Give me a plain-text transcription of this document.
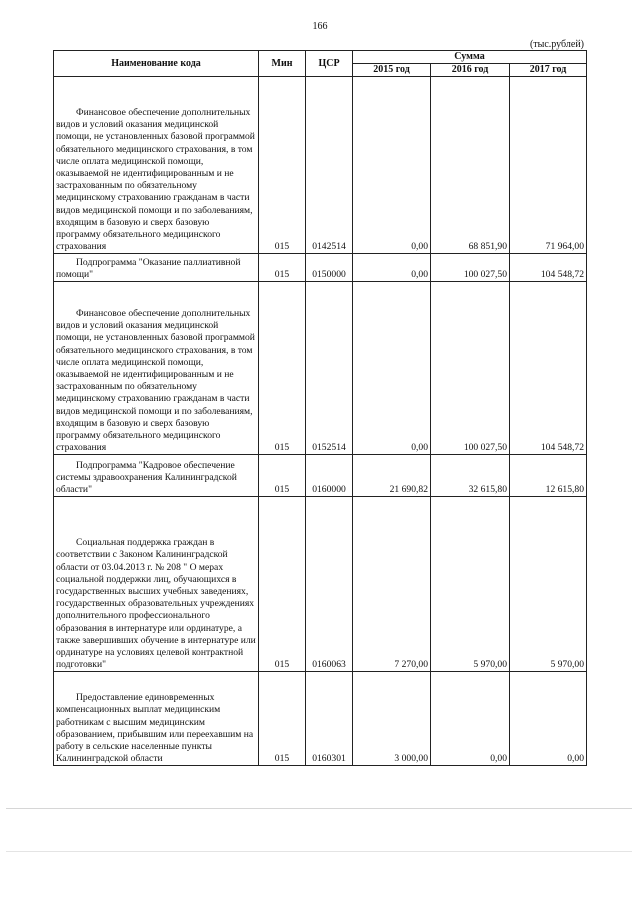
166
(тыс.рублей)
Наименование кода	Мин	ЦСР	Сумма		
			2015 год	2016 год	2017 год
Финансовое обеспечение дополнительных видов и условий оказания медицинской помощи, не установленных базовой программой обязательного медицинского страхования, в том числе оплата медицинской помощи, оказываемой не идентифицированным и не застрахованным по обязательному медицинскому страхованию гражданам в части видов медицинской помощи и по заболеваниям, входящим в базовую и сверх базовую программу обязательного медицинского страхования	015	0142514	0,00	68 851,90	71 964,00
Подпрограмма "Оказание паллиативной помощи"	015	0150000	0,00	100 027,50	104 548,72
Финансовое обеспечение дополнительных видов и условий оказания медицинской помощи, не установленных базовой программой обязательного медицинского страхования, в том числе оплата медицинской помощи, оказываемой не идентифицированным и не застрахованным по обязательному медицинскому страхованию гражданам в части видов медицинской помощи и по заболеваниям, входящим в базовую и сверх базовую программу обязательного медицинского страхования	015	0152514	0,00	100 027,50	104 548,72
Подпрограмма "Кадровое обеспечение системы здравоохранения Калининградской области"	015	0160000	21 690,82	32 615,80	12 615,80
Социальная поддержка граждан в соответствии с Законом Калининградской области от 03.04.2013 г. № 208 " О мерах социальной поддержки лиц, обучающихся в государственных высших учебных заведениях, государственных образовательных учреждениях дополнительного профессионального образования в интернатуре или ординатуре, а также завершивших обучение в интернатуре или ординатуре на условиях целевой контрактной подготовки"	015	0160063	7 270,00	5 970,00	5 970,00
Предоставление единовременных компенсационных выплат медицинским работникам с высшим медицинским образованием, прибывшим или переехавшим на работу в сельские населенные пункты Калининградской области	015	0160301	3 000,00	0,00	0,00
